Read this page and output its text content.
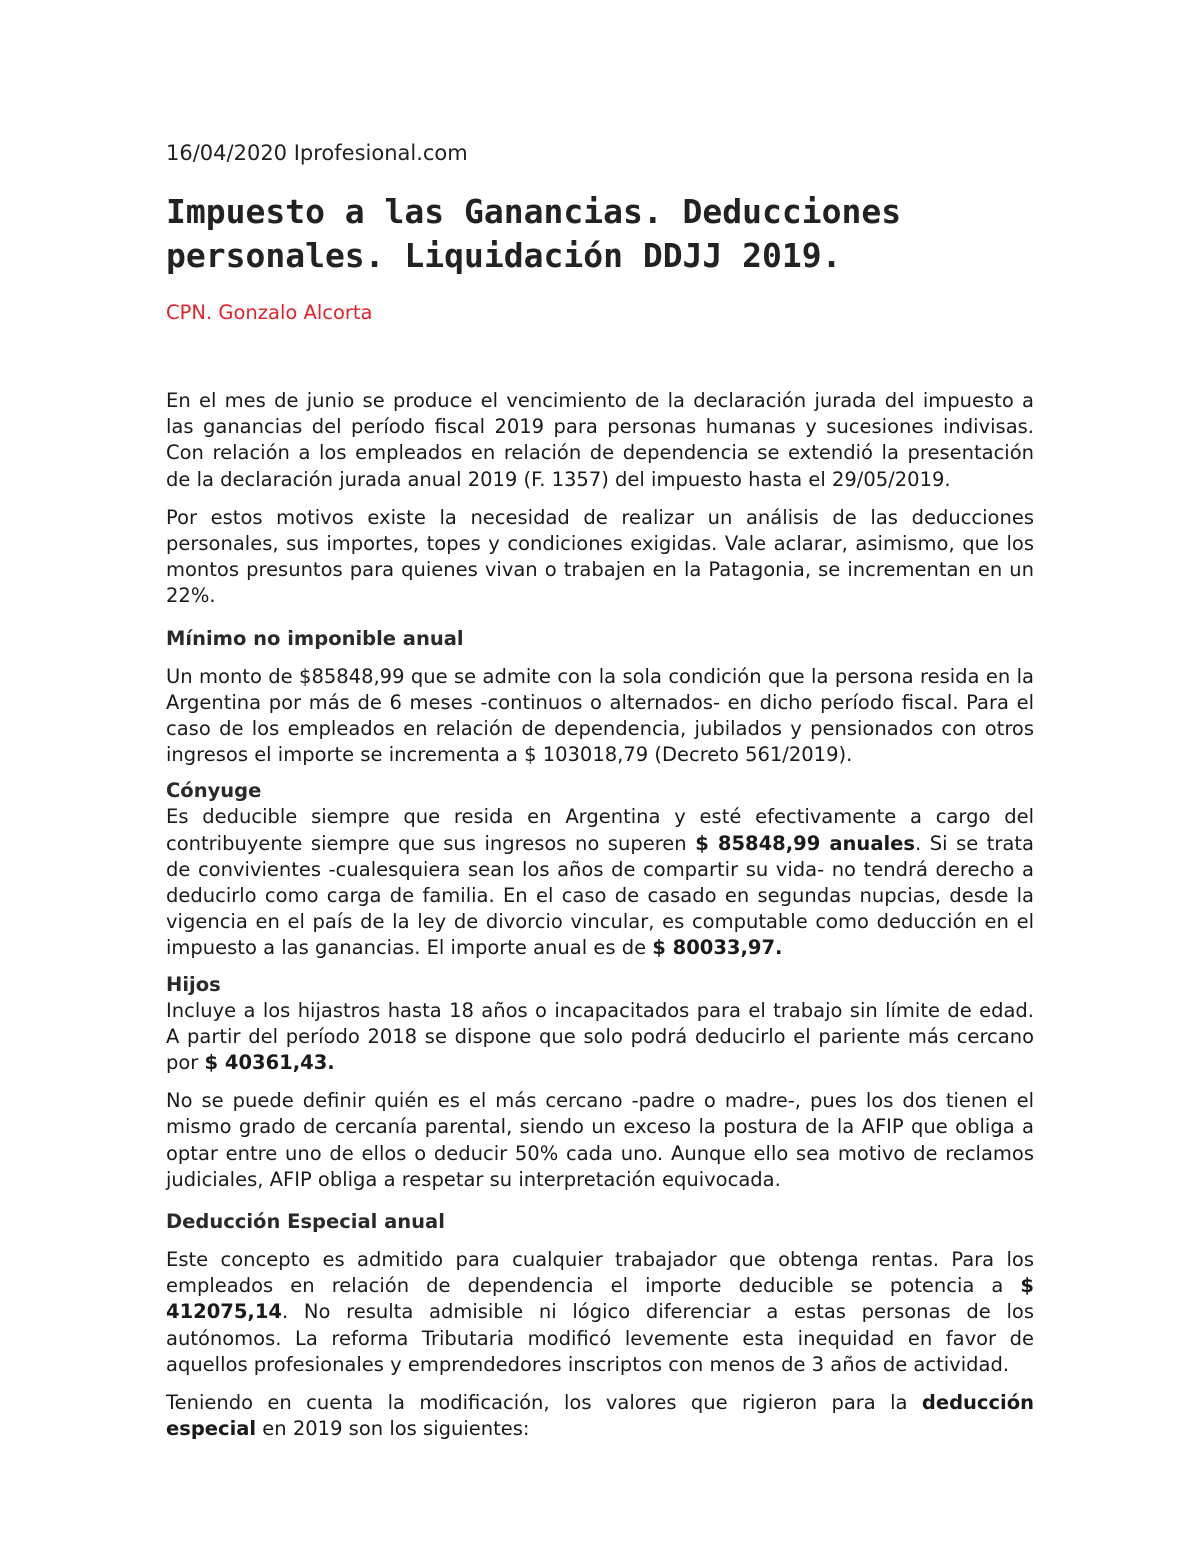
16/04/2020 Iprofesional.com

Impuesto a las Ganancias. Deducciones personales. Liquidación DDJJ 2019.

CPN. Gonzalo Alcorta

En el mes de junio se produce el vencimiento de la declaración jurada del impuesto a las ganancias del período fiscal 2019 para personas humanas y sucesiones indivisas. Con relación a los empleados en relación de dependencia se extendió la presentación de la declaración jurada anual 2019 (F. 1357) del impuesto hasta el 29/05/2019.

Por estos motivos existe la necesidad de realizar un análisis de las deducciones personales, sus importes, topes y condiciones exigidas. Vale aclarar, asimismo, que los montos presuntos para quienes vivan o trabajen en la Patagonia, se incrementan en un 22%.

Mínimo no imponible anual

Un monto de $85848,99 que se admite con la sola condición que la persona resida en la Argentina por más de 6 meses -continuos o alternados- en dicho período fiscal. Para el caso de los empleados en relación de dependencia, jubilados y pensionados con otros ingresos el importe se incrementa a $ 103018,79 (Decreto 561/2019).

Cónyuge

Es deducible siempre que resida en Argentina y esté efectivamente a cargo del contribuyente siempre que sus ingresos no superen $ 85848,99 anuales. Si se trata de convivientes -cualesquiera sean los años de compartir su vida- no tendrá derecho a deducirlo como carga de familia. En el caso de casado en segundas nupcias, desde la vigencia en el país de la ley de divorcio vincular, es computable como deducción en el impuesto a las ganancias. El importe anual es de $ 80033,97.

Hijos

Incluye a los hijastros hasta 18 años o incapacitados para el trabajo sin límite de edad. A partir del período 2018 se dispone que solo podrá deducirlo el pariente más cercano por $ 40361,43.

No se puede definir quién es el más cercano -padre o madre-, pues los dos tienen el mismo grado de cercanía parental, siendo un exceso la postura de la AFIP que obliga a optar entre uno de ellos o deducir 50% cada uno. Aunque ello sea motivo de reclamos judiciales, AFIP obliga a respetar su interpretación equivocada.

Deducción Especial anual

Este concepto es admitido para cualquier trabajador que obtenga rentas. Para los empleados en relación de dependencia el importe deducible se potencia a $ 412075,14. No resulta admisible ni lógico diferenciar a estas personas de los autónomos. La reforma Tributaria modificó levemente esta inequidad en favor de aquellos profesionales y emprendedores inscriptos con menos de 3 años de actividad.

Teniendo en cuenta la modificación, los valores que rigieron para la deducción especial en 2019 son los siguientes:
